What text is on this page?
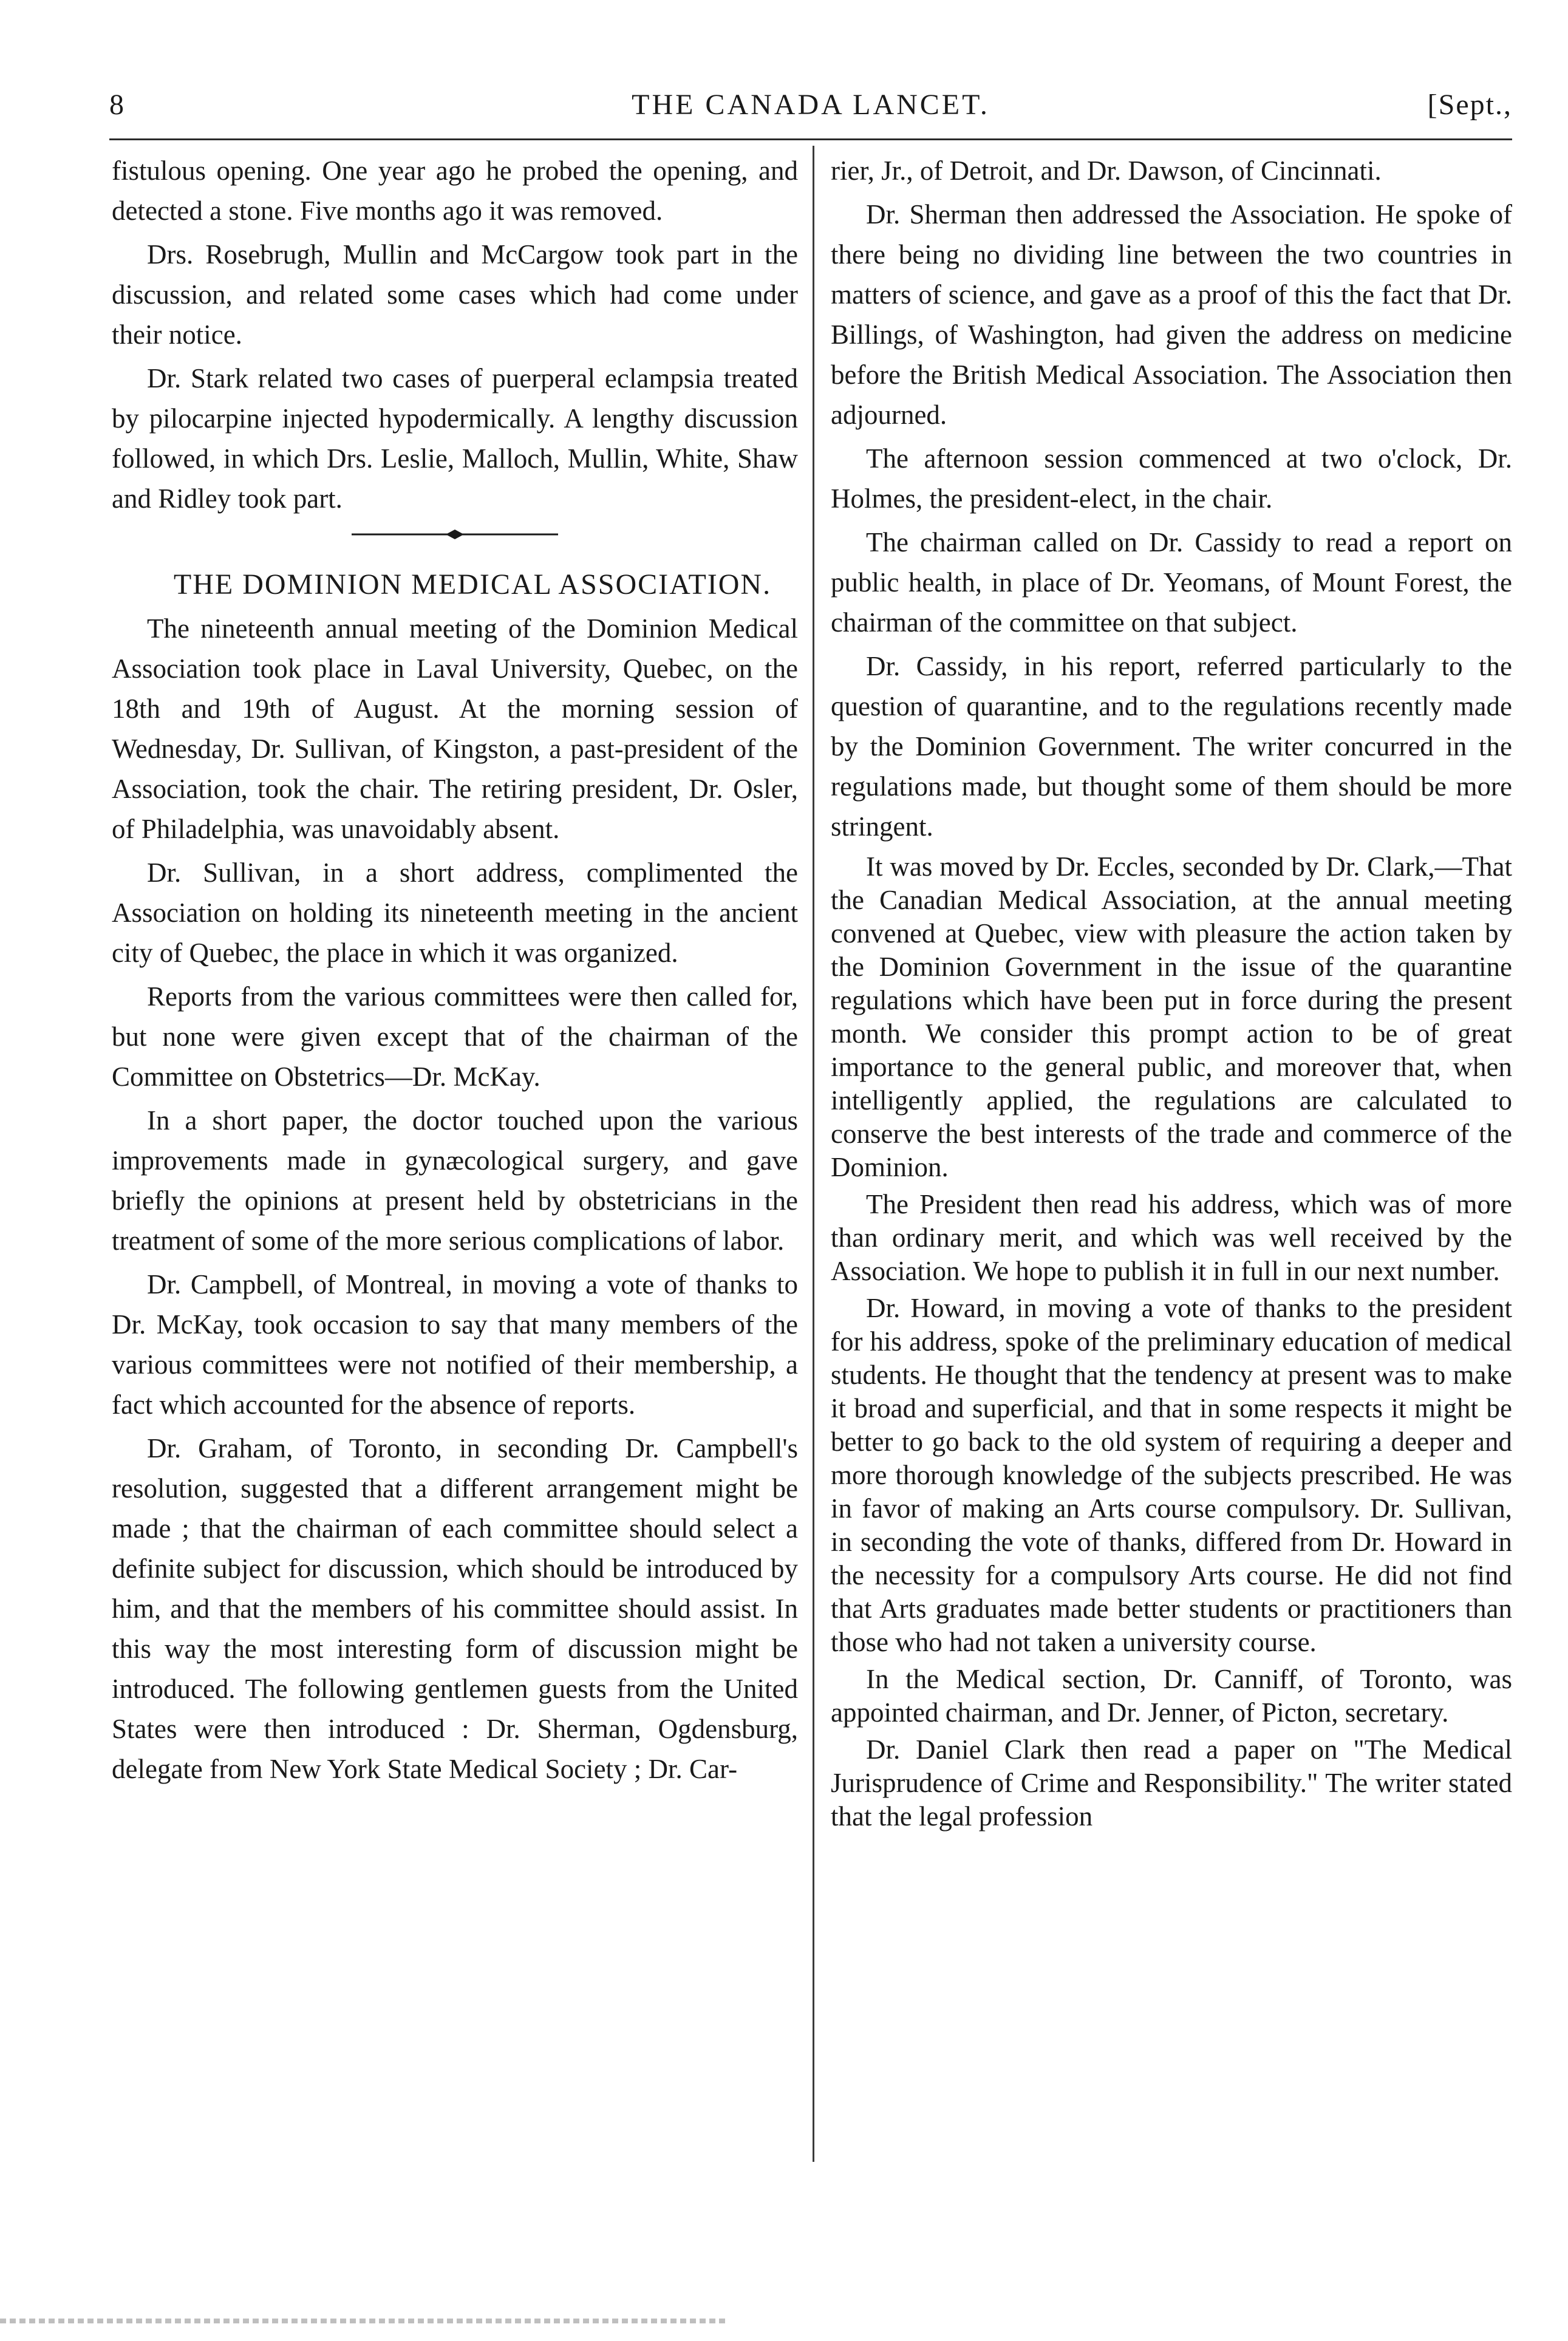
8	THE CANADA LANCET.	[Sept.,

fistulous opening. One year ago he probed the opening, and detected a stone. Five months ago it was removed.

Drs. Rosebrugh, Mullin and McCargow took part in the discussion, and related some cases which had come under their notice.

Dr. Stark related two cases of puerperal eclampsia treated by pilocarpine injected hypodermically. A lengthy discussion followed, in which Drs. Leslie, Malloch, Mullin, White, Shaw and Ridley took part.

THE DOMINION MEDICAL ASSOCIATION.

The nineteenth annual meeting of the Dominion Medical Association took place in Laval University, Quebec, on the 18th and 19th of August. At the morning session of Wednesday, Dr. Sullivan, of Kingston, a past-president of the Association, took the chair. The retiring president, Dr. Osler, of Philadelphia, was unavoidably absent.

Dr. Sullivan, in a short address, complimented the Association on holding its nineteenth meeting in the ancient city of Quebec, the place in which it was organized.

Reports from the various committees were then called for, but none were given except that of the chairman of the Committee on Obstetrics—Dr. McKay.

In a short paper, the doctor touched upon the various improvements made in gynæcological surgery, and gave briefly the opinions at present held by obstetricians in the treatment of some of the more serious complications of labor.

Dr. Campbell, of Montreal, in moving a vote of thanks to Dr. McKay, took occasion to say that many members of the various committees were not notified of their membership, a fact which accounted for the absence of reports.

Dr. Graham, of Toronto, in seconding Dr. Campbell's resolution, suggested that a different arrangement might be made ; that the chairman of each committee should select a definite subject for discussion, which should be introduced by him, and that the members of his committee should assist. In this way the most interesting form of discussion might be introduced. The following gentlemen guests from the United States were then introduced : Dr. Sherman, Ogdensburg, delegate from New York State Medical Society ; Dr. Car-

rier, Jr., of Detroit, and Dr. Dawson, of Cincinnati.

Dr. Sherman then addressed the Association. He spoke of there being no dividing line between the two countries in matters of science, and gave as a proof of this the fact that Dr. Billings, of Washington, had given the address on medicine before the British Medical Association. The Association then adjourned.

The afternoon session commenced at two o'clock, Dr. Holmes, the president-elect, in the chair.

The chairman called on Dr. Cassidy to read a report on public health, in place of Dr. Yeomans, of Mount Forest, the chairman of the committee on that subject.

Dr. Cassidy, in his report, referred particularly to the question of quarantine, and to the regulations recently made by the Dominion Government. The writer concurred in the regulations made, but thought some of them should be more stringent.

It was moved by Dr. Eccles, seconded by Dr. Clark,—That the Canadian Medical Association, at the annual meeting convened at Quebec, view with pleasure the action taken by the Dominion Government in the issue of the quarantine regulations which have been put in force during the present month. We consider this prompt action to be of great importance to the general public, and moreover that, when intelligently applied, the regulations are calculated to conserve the best interests of the trade and commerce of the Dominion.

The President then read his address, which was of more than ordinary merit, and which was well received by the Association. We hope to publish it in full in our next number.

Dr. Howard, in moving a vote of thanks to the president for his address, spoke of the preliminary education of medical students. He thought that the tendency at present was to make it broad and superficial, and that in some respects it might be better to go back to the old system of requiring a deeper and more thorough knowledge of the subjects prescribed. He was in favor of making an Arts course compulsory. Dr. Sullivan, in seconding the vote of thanks, differed from Dr. Howard in the necessity for a compulsory Arts course. He did not find that Arts graduates made better students or practitioners than those who had not taken a university course.

In the Medical section, Dr. Canniff, of Toronto, was appointed chairman, and Dr. Jenner, of Picton, secretary.

Dr. Daniel Clark then read a paper on "The Medical Jurisprudence of Crime and Responsibility." The writer stated that the legal profession
